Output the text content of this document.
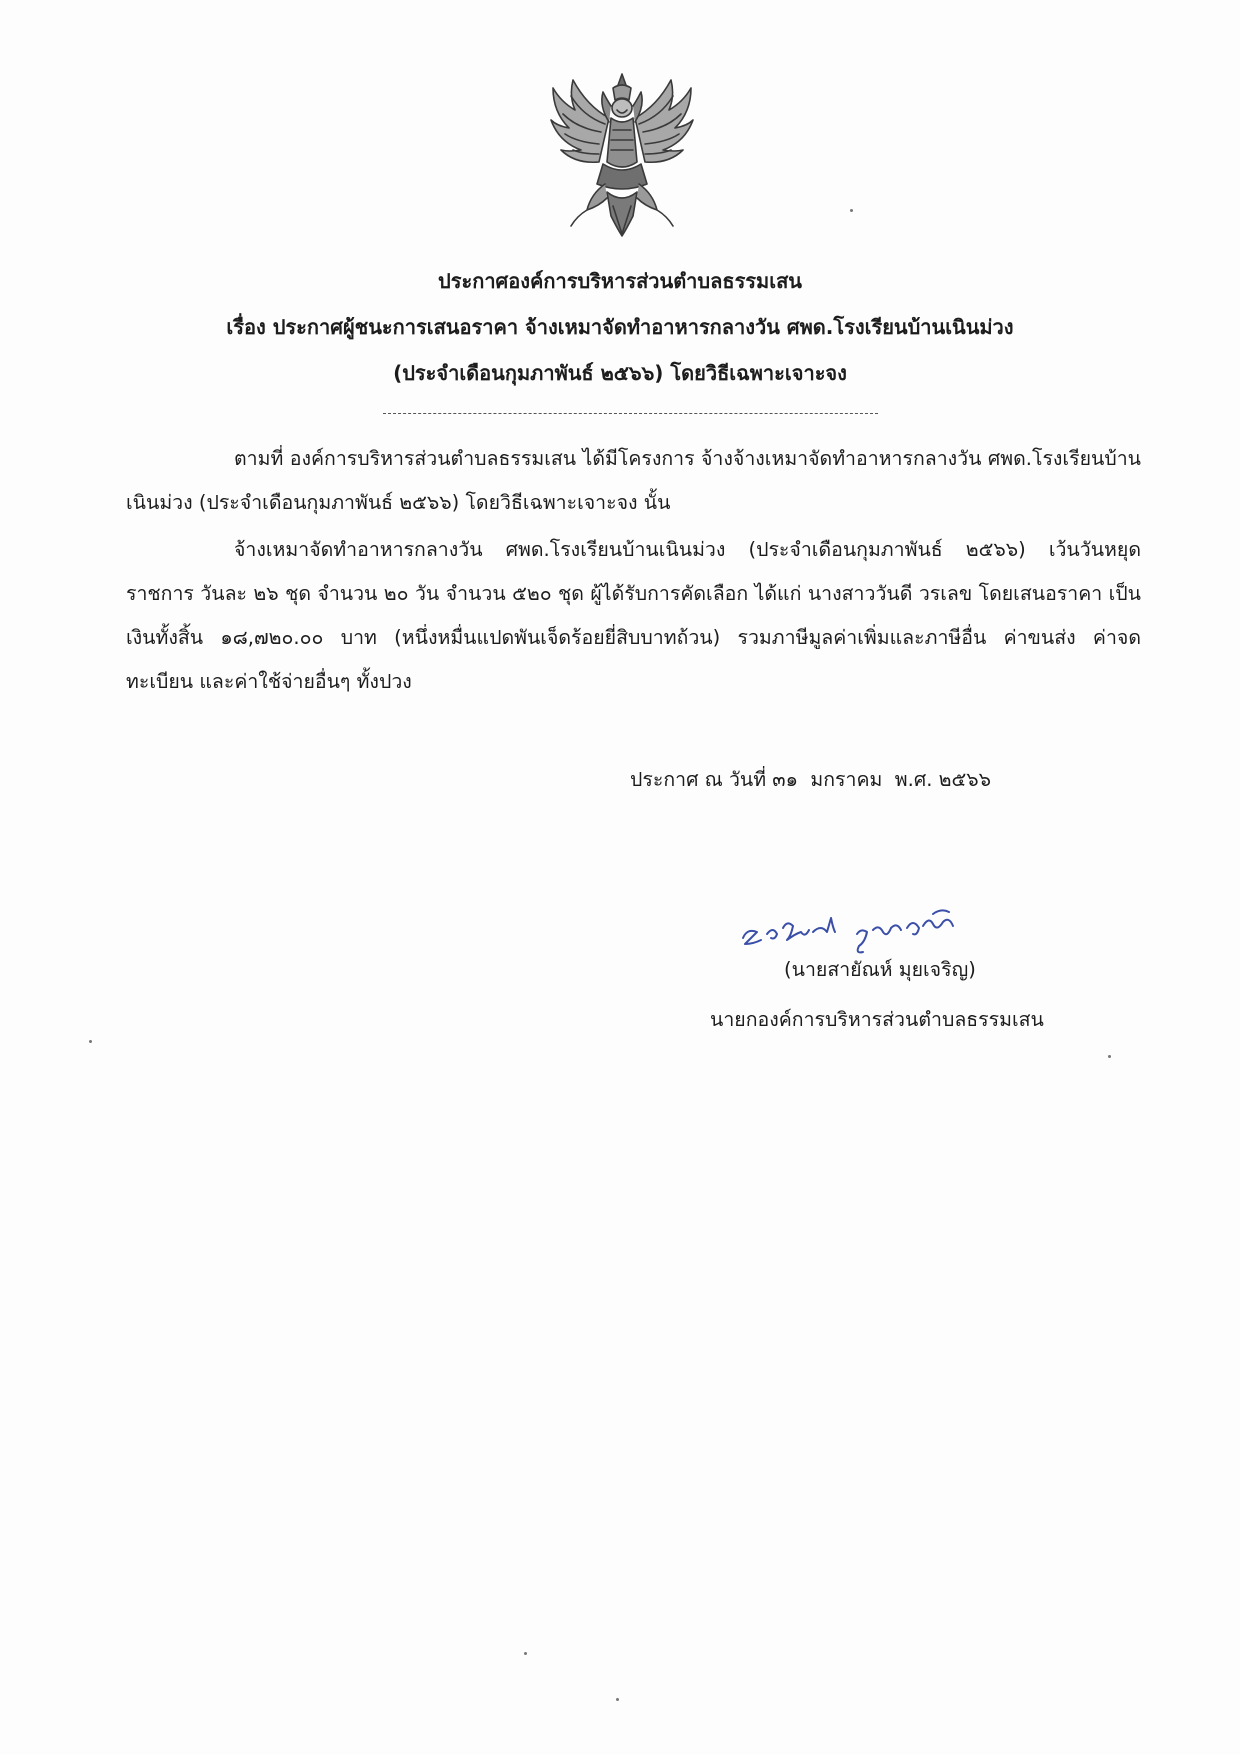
ประกาศองค์การบริหารส่วนตำบลธรรมเสน
เรื่อง ประกาศผู้ชนะการเสนอราคา จ้างเหมาจัดทำอาหารกลางวัน ศพด.โรงเรียนบ้านเนินม่วง
(ประจำเดือนกุมภาพันธ์ ๒๕๖๖) โดยวิธีเฉพาะเจาะจง

ตามที่ องค์การบริหารส่วนตำบลธรรมเสน ได้มีโครงการ จ้างจ้างเหมาจัดทำอาหารกลางวัน ศพด.โรงเรียนบ้านเนินม่วง (ประจำเดือนกุมภาพันธ์ ๒๕๖๖) โดยวิธีเฉพาะเจาะจง นั้น

จ้างเหมาจัดทำอาหารกลางวัน ศพด.โรงเรียนบ้านเนินม่วง (ประจำเดือนกุมภาพันธ์ ๒๕๖๖) เว้นวันหยุดราชการ วันละ ๒๖ ชุด จำนวน ๒๐ วัน จำนวน ๕๒๐ ชุด ผู้ได้รับการคัดเลือก ได้แก่ นางสาววันดี วรเลข โดยเสนอราคา เป็นเงินทั้งสิ้น ๑๘,๗๒๐.๐๐ บาท (หนึ่งหมื่นแปดพันเจ็ดร้อยยี่สิบบาทถ้วน) รวมภาษีมูลค่าเพิ่มและภาษีอื่น ค่าขนส่ง ค่าจดทะเบียน และค่าใช้จ่ายอื่นๆ ทั้งปวง

ประกาศ ณ วันที่ ๓๑  มกราคม  พ.ศ. ๒๕๖๖
(นายสายัณห์ มุยเจริญ)
นายกองค์การบริหารส่วนตำบลธรรมเสน
